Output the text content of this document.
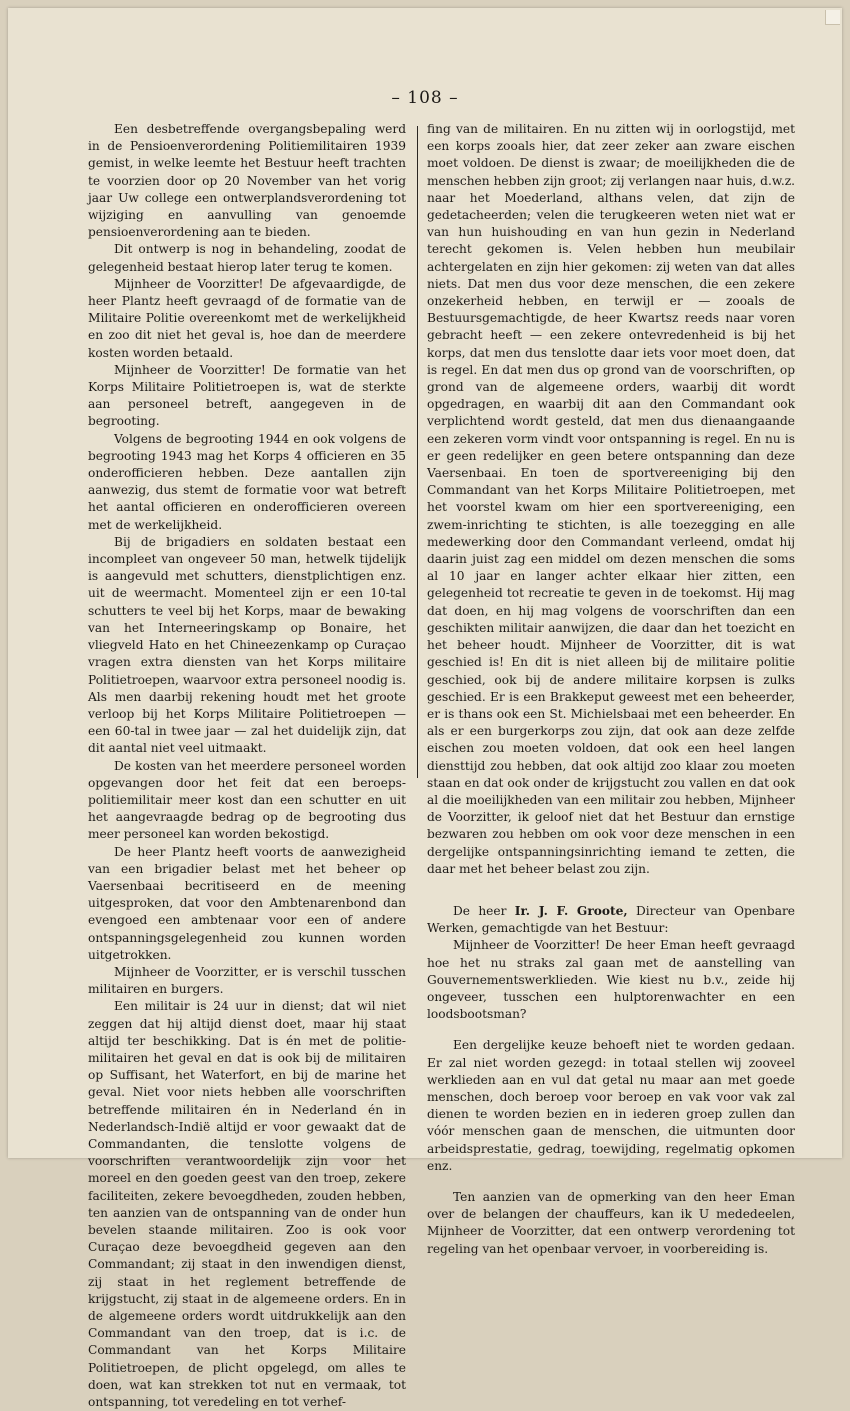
– 108 –

Een desbetreffende overgangsbepaling werd in de Pensioenverordening Politiemilitairen 1939 gemist, in welke leemte het Bestuur heeft trachten te voorzien door op 20 November van het vorig jaar Uw college een ontwerplandsverordening tot wijziging en aanvulling van genoemde pensioenverordening aan te bieden.

Dit ontwerp is nog in behandeling, zoodat de gelegenheid bestaat hierop later terug te komen.

Mijnheer de Voorzitter! De afgevaardigde, de heer Plantz heeft gevraagd of de formatie van de Militaire Politie overeenkomt met de werkelijkheid en zoo dit niet het geval is, hoe dan de meerdere kosten worden betaald.

Mijnheer de Voorzitter! De formatie van het Korps Militaire Politietroepen is, wat de sterkte aan personeel betreft, aangegeven in de begrooting.

Volgens de begrooting 1944 en ook volgens de begrooting 1943 mag het Korps 4 officieren en 35 onderofficieren hebben. Deze aantallen zijn aanwezig, dus stemt de formatie voor wat betreft het aantal officieren en onderofficieren overeen met de werkelijkheid.

Bij de brigadiers en soldaten bestaat een incompleet van ongeveer 50 man, hetwelk tijdelijk is aangevuld met schutters, dienstplichtigen enz. uit de weermacht. Momenteel zijn er een 10-tal schutters te veel bij het Korps, maar de bewaking van het Interneeringskamp op Bonaire, het vliegveld Hato en het Chineezenkamp op Curaçao vragen extra diensten van het Korps militaire Politietroepen, waarvoor extra personeel noodig is. Als men daarbij rekening houdt met het groote verloop bij het Korps Militaire Politietroepen — een 60-tal in twee jaar — zal het duidelijk zijn, dat dit aantal niet veel uitmaakt.

De kosten van het meerdere personeel worden opgevangen door het feit dat een beroeps-politiemilitair meer kost dan een schutter en uit het aangevraagde bedrag op de begrooting dus meer personeel kan worden bekostigd.

De heer Plantz heeft voorts de aanwezigheid van een brigadier belast met het beheer op Vaersenbaai becritiseerd en de meening uitgesproken, dat voor den Ambtenarenbond dan evengoed een ambtenaar voor een of andere ontspanningsgelegenheid zou kunnen worden uitgetrokken.

Mijnheer de Voorzitter, er is verschil tusschen militairen en burgers.

Een militair is 24 uur in dienst; dat wil niet zeggen dat hij altijd dienst doet, maar hij staat altijd ter beschikking. Dat is én met de politie-militairen het geval en dat is ook bij de militairen op Suffisant, het Waterfort, en bij de marine het geval. Niet voor niets hebben alle voorschriften betreffende militairen én in Nederland én in Nederlandsch-Indië altijd er voor gewaakt dat de Commandanten, die tenslotte volgens de voorschriften verantwoordelijk zijn voor het moreel en den goeden geest van den troep, zekere faciliteiten, zekere bevoegdheden, zouden hebben, ten aanzien van de ontspanning van de onder hun bevelen staande militairen. Zoo is ook voor Curaçao deze bevoegdheid gegeven aan den Commandant; zij staat in den inwendigen dienst, zij staat in het reglement betreffende de krijgstucht, zij staat in de algemeene orders. En in de algemeene orders wordt uitdrukkelijk aan den Commandant van den troep, dat is i.c. de Commandant van het Korps Militaire Politietroepen, de plicht opgelegd, om alles te doen, wat kan strekken tot nut en vermaak, tot ontspanning, tot veredeling en tot verhef-

fing van de militairen. En nu zitten wij in oorlogstijd, met een korps zooals hier, dat zeer zeker aan zware eischen moet voldoen. De dienst is zwaar; de moeilijkheden die de menschen hebben zijn groot; zij verlangen naar huis, d.w.z. naar het Moederland, althans velen, dat zijn de gedetacheerden; velen die terugkeeren weten niet wat er van hun huishouding en van hun gezin in Nederland terecht gekomen is. Velen hebben hun meubilair achtergelaten en zijn hier gekomen: zij weten van dat alles niets. Dat men dus voor deze menschen, die een zekere onzekerheid hebben, en terwijl er — zooals de Bestuursgemachtigde, de heer Kwartsz reeds naar voren gebracht heeft — een zekere ontevredenheid is bij het korps, dat men dus tenslotte daar iets voor moet doen, dat is regel. En dat men dus op grond van de voorschriften, op grond van de algemeene orders, waarbij dit wordt opgedragen, en waarbij dit aan den Commandant ook verplichtend wordt gesteld, dat men dus dienaangaande een zekeren vorm vindt voor ontspanning is regel. En nu is er geen redelijker en geen betere ontspanning dan deze Vaersenbaai. En toen de sportvereeniging bij den Commandant van het Korps Militaire Politietroepen, met het voorstel kwam om hier een sportvereeniging, een zwem-inrichting te stichten, is alle toezegging en alle medewerking door den Commandant verleend, omdat hij daarin juist zag een middel om dezen menschen die soms al 10 jaar en langer achter elkaar hier zitten, een gelegenheid tot recreatie te geven in de toekomst. Hij mag dat doen, en hij mag volgens de voorschriften dan een geschikten militair aanwijzen, die daar dan het toezicht en het beheer houdt. Mijnheer de Voorzitter, dit is wat geschied is! En dit is niet alleen bij de militaire politie geschied, ook bij de andere militaire korpsen is zulks geschied. Er is een Brakkeput geweest met een beheerder, er is thans ook een St. Michielsbaai met een beheerder. En als er een burgerkorps zou zijn, dat ook aan deze zelfde eischen zou moeten voldoen, dat ook een heel langen diensttijd zou hebben, dat ook altijd zoo klaar zou moeten staan en dat ook onder de krijgstucht zou vallen en dat ook al die moeilijkheden van een militair zou hebben, Mijnheer de Voorzitter, ik geloof niet dat het Bestuur dan ernstige bezwaren zou hebben om ook voor deze menschen in een dergelijke ontspanningsinrichting iemand te zetten, die daar met het beheer belast zou zijn.

De heer Ir. J. F. Groote, Directeur van Openbare Werken, gemachtigde van het Bestuur:

Mijnheer de Voorzitter! De heer Eman heeft gevraagd hoe het nu straks zal gaan met de aanstelling van Gouvernementswerklieden. Wie kiest nu b.v., zeide hij ongeveer, tusschen een hulptorenwachter en een loodsbootsman?

Een dergelijke keuze behoeft niet te worden gedaan. Er zal niet worden gezegd: in totaal stellen wij zooveel werklieden aan en vul dat getal nu maar aan met goede menschen, doch beroep voor beroep en vak voor vak zal dienen te worden bezien en in iederen groep zullen dan vóór menschen gaan de menschen, die uitmunten door arbeidsprestatie, gedrag, toewijding, regelmatig opkomen enz.

Ten aanzien van de opmerking van den heer Eman over de belangen der chauffeurs, kan ik U mededeelen, Mijnheer de Voorzitter, dat een ontwerp verordening tot regeling van het openbaar vervoer, in voorbereiding is.
